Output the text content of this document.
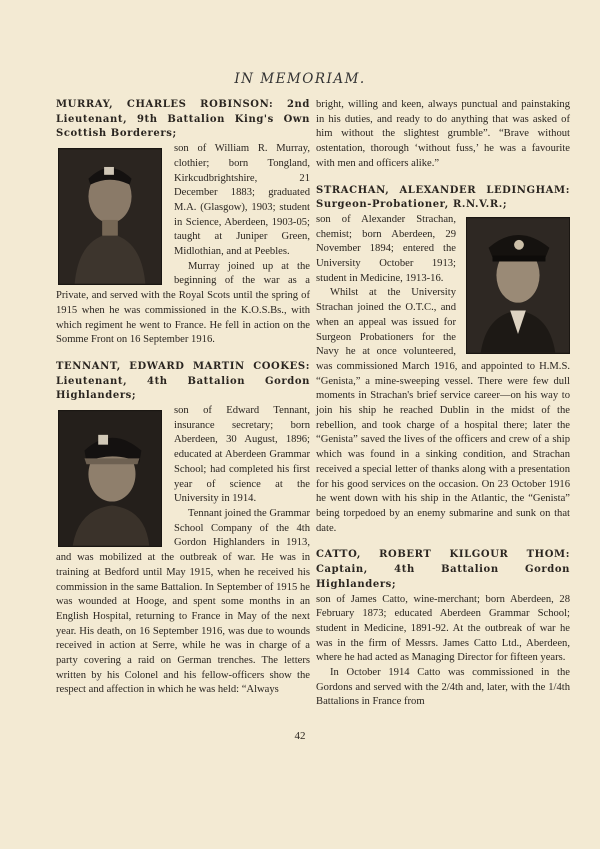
IN MEMORIAM.
MURRAY, CHARLES ROBINSON: 2nd Lieutenant, 9th Battalion King's Own Scottish Borderers;

son of William R. Murray, clothier; born Tongland, Kirkcudbrightshire, 21 December 1883; graduated M.A. (Glasgow), 1903; student in Science, Aberdeen, 1903-05; taught at Juniper Green, Midlothian, and at Peebles.

Murray joined up at the beginning of the war as a Private, and served with the Royal Scots until the spring of 1915 when he was commissioned in the K.O.S.Bs., with which regiment he went to France. He fell in action on the Somme Front on 16 September 1916.

TENNANT, EDWARD MARTIN COOKES: Lieutenant, 4th Battalion Gordon Highlanders;

son of Edward Tennant, insurance secretary; born Aberdeen, 30 August, 1896; educated at Aberdeen Grammar School; had completed his first year of science at the University in 1914.

Tennant joined the Grammar School Company of the 4th Gordon Highlanders in 1913, and was mobilized at the outbreak of war. He was in training at Bedford until May 1915, when he received his commission in the same Battalion. In September of 1915 he was wounded at Hooge, and spent some months in an English Hospital, returning to France in May of the next year. His death, on 16 September 1916, was due to wounds received in action at Serre, while he was in charge of a party covering a raid on German trenches. The letters written by his Colonel and his fellow-officers show the respect and affection in which he was held: “Always

bright, willing and keen, always punctual and painstaking in his duties, and ready to do anything that was asked of him without the slightest grumble”. “Brave without ostentation, thorough ‘without fuss,’ he was a favourite with men and officers alike.”

STRACHAN, ALEXANDER LEDINGHAM: Surgeon-Probationer, R.N.V.R.;

son of Alexander Strachan, chemist; born Aberdeen, 29 November 1894; entered the University October 1913; student in Medicine, 1913-16.

Whilst at the University Strachan joined the O.T.C., and when an appeal was issued for Surgeon Probationers for the Navy he at once volunteered, was commissioned March 1916, and appointed to H.M.S. “Genista,” a mine-sweeping vessel. There were few dull moments in Strachan's brief service career—on his way to join his ship he reached Dublin in the midst of the rebellion, and took charge of a hospital there; later the “Genista” saved the lives of the officers and crew of a ship which was found in a sinking condition, and Strachan received a special letter of thanks along with a presentation for his good services on the occasion. On 23 October 1916 he went down with his ship in the Atlantic, the “Genista” being torpedoed by an enemy submarine and sunk on that date.

CATTO, ROBERT KILGOUR THOM: Captain, 4th Battalion Gordon Highlanders;

son of James Catto, wine-merchant; born Aberdeen, 28 February 1873; educated Aberdeen Grammar School; student in Medicine, 1891-92. At the outbreak of war he was in the firm of Messrs. James Catto Ltd., Aberdeen, where he had acted as Managing Director for fifteen years.

In October 1914 Catto was commissioned in the Gordons and served with the 2/4th and, later, with the 1/4th Battalions in France from

42
